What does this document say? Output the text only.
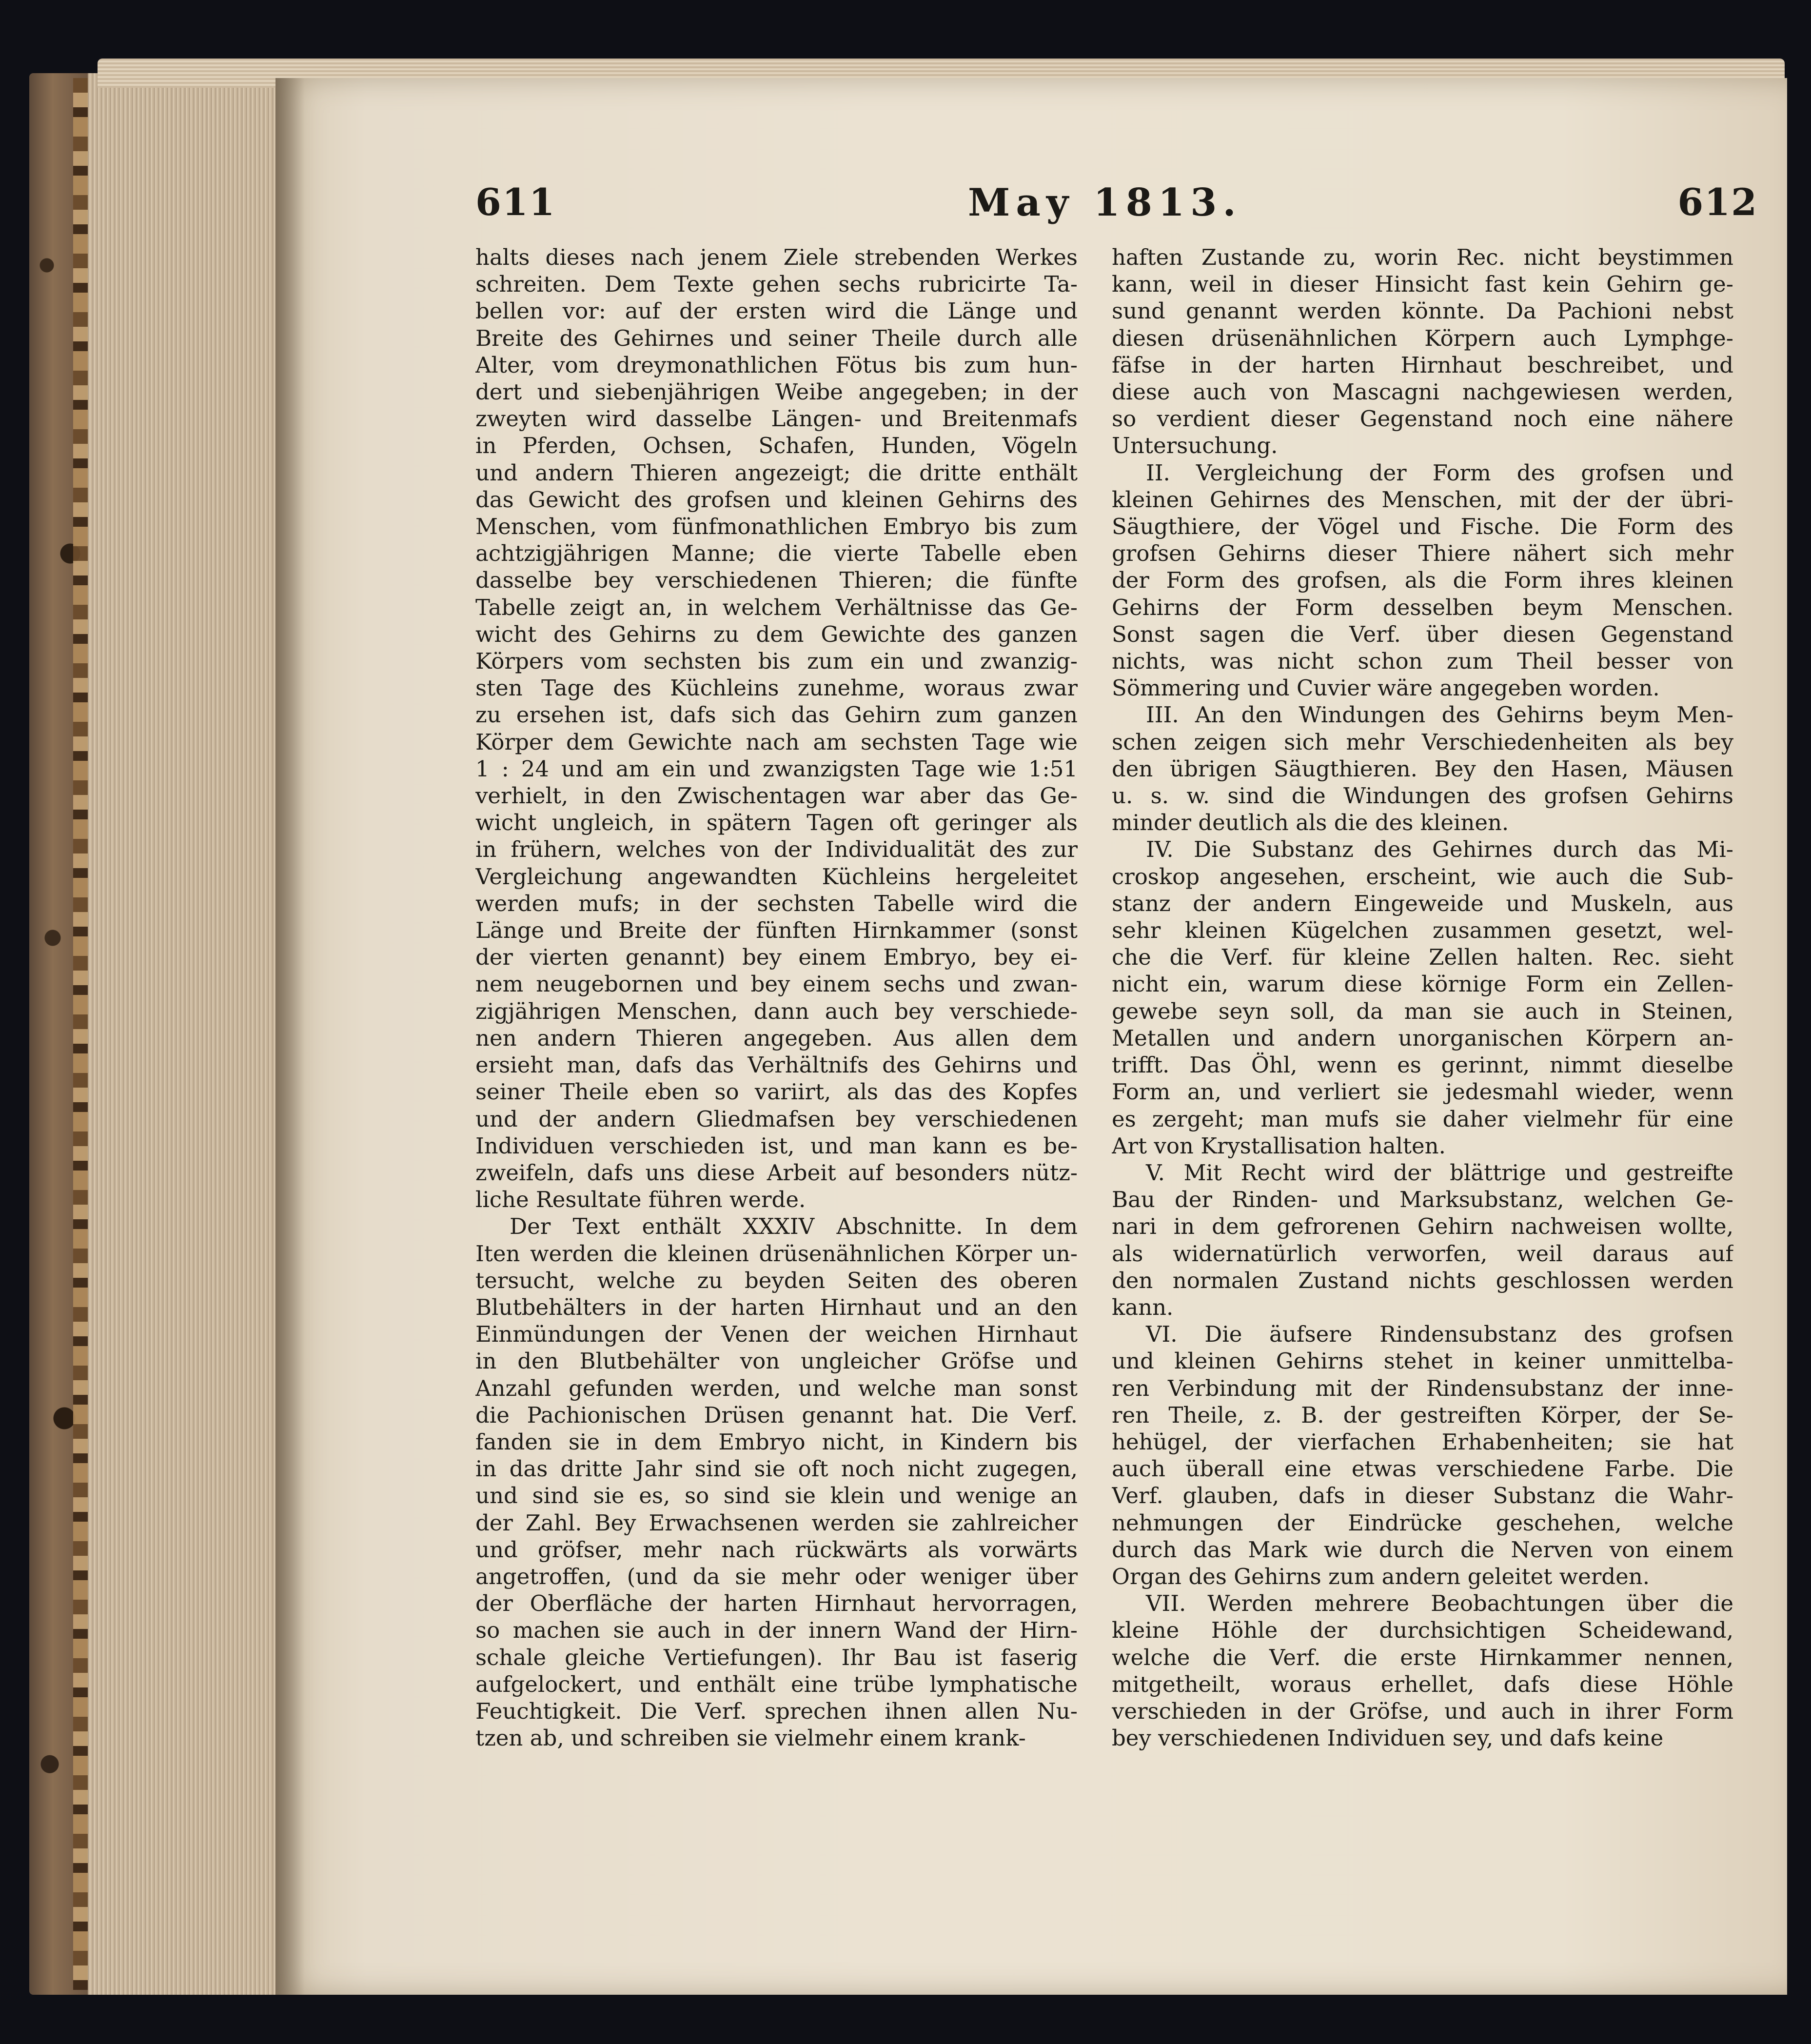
611	May 1813.	612
halts dieses nach jenem Ziele strebenden Werkes
schreiten. Dem Texte gehen sechs rubricirte Ta-
bellen vor: auf der ersten wird die Länge und
Breite des Gehirnes und seiner Theile durch alle
Alter, vom dreymonathlichen Fötus bis zum hun-
dert und siebenjährigen Weibe angegeben; in der
zweyten wird dasselbe Längen- und Breitenmafs
in Pferden, Ochsen, Schafen, Hunden, Vögeln
und andern Thieren angezeigt; die dritte enthält
das Gewicht des grofsen und kleinen Gehirns des
Menschen, vom fünfmonathlichen Embryo bis zum
achtzigjährigen Manne; die vierte Tabelle eben
dasselbe bey verschiedenen Thieren; die fünfte
Tabelle zeigt an, in welchem Verhältnisse das Ge-
wicht des Gehirns zu dem Gewichte des ganzen
Körpers vom sechsten bis zum ein und zwanzig-
sten Tage des Küchleins zunehme, woraus zwar
zu ersehen ist, dafs sich das Gehirn zum ganzen
Körper dem Gewichte nach am sechsten Tage wie
1 : 24 und am ein und zwanzigsten Tage wie 1:51
verhielt, in den Zwischentagen war aber das Ge-
wicht ungleich, in spätern Tagen oft geringer als
in frühern, welches von der Individualität des zur
Vergleichung angewandten Küchleins hergeleitet
werden mufs; in der sechsten Tabelle wird die
Länge und Breite der fünften Hirnkammer (sonst
der vierten genannt) bey einem Embryo, bey ei-
nem neugebornen und bey einem sechs und zwan-
zigjährigen Menschen, dann auch bey verschiede-
nen andern Thieren angegeben. Aus allen dem
ersieht man, dafs das Verhältnifs des Gehirns und
seiner Theile eben so variirt, als das des Kopfes
und der andern Gliedmafsen bey verschiedenen
Individuen verschieden ist, und man kann es be-
zweifeln, dafs uns diese Arbeit auf besonders nütz-
liche Resultate führen werde.
Der Text enthält XXXIV Abschnitte. In dem
Iten werden die kleinen drüsenähnlichen Körper un-
tersucht, welche zu beyden Seiten des oberen
Blutbehälters in der harten Hirnhaut und an den
Einmündungen der Venen der weichen Hirnhaut
in den Blutbehälter von ungleicher Gröfse und
Anzahl gefunden werden, und welche man sonst
die Pachionischen Drüsen genannt hat. Die Verf.
fanden sie in dem Embryo nicht, in Kindern bis
in das dritte Jahr sind sie oft noch nicht zugegen,
und sind sie es, so sind sie klein und wenige an
der Zahl. Bey Erwachsenen werden sie zahlreicher
und gröfser, mehr nach rückwärts als vorwärts
angetroffen, (und da sie mehr oder weniger über
der Oberfläche der harten Hirnhaut hervorragen,
so machen sie auch in der innern Wand der Hirn-
schale gleiche Vertiefungen). Ihr Bau ist faserig
aufgelockert, und enthält eine trübe lymphatische
Feuchtigkeit. Die Verf. sprechen ihnen allen Nu-
tzen ab, und schreiben sie vielmehr einem krank-
haften Zustande zu, worin Rec. nicht beystimmen
kann, weil in dieser Hinsicht fast kein Gehirn ge-
sund genannt werden könnte. Da Pachioni nebst
diesen drüsenähnlichen Körpern auch Lymphge-
fäfse in der harten Hirnhaut beschreibet, und
diese auch von Mascagni nachgewiesen werden,
so verdient dieser Gegenstand noch eine nähere
Untersuchung.
II. Vergleichung der Form des grofsen und
kleinen Gehirnes des Menschen, mit der der übri-
Säugthiere, der Vögel und Fische. Die Form des
grofsen Gehirns dieser Thiere nähert sich mehr
der Form des grofsen, als die Form ihres kleinen
Gehirns der Form desselben beym Menschen.
Sonst sagen die Verf. über diesen Gegenstand
nichts, was nicht schon zum Theil besser von
Sömmering und Cuvier wäre angegeben worden.
III. An den Windungen des Gehirns beym Men-
schen zeigen sich mehr Verschiedenheiten als bey
den übrigen Säugthieren. Bey den Hasen, Mäusen
u. s. w. sind die Windungen des grofsen Gehirns
minder deutlich als die des kleinen.
IV. Die Substanz des Gehirnes durch das Mi-
croskop angesehen, erscheint, wie auch die Sub-
stanz der andern Eingeweide und Muskeln, aus
sehr kleinen Kügelchen zusammen gesetzt, wel-
che die Verf. für kleine Zellen halten. Rec. sieht
nicht ein, warum diese körnige Form ein Zellen-
gewebe seyn soll, da man sie auch in Steinen,
Metallen und andern unorganischen Körpern an-
trifft. Das Öhl, wenn es gerinnt, nimmt dieselbe
Form an, und verliert sie jedesmahl wieder, wenn
es zergeht; man mufs sie daher vielmehr für eine
Art von Krystallisation halten.
V. Mit Recht wird der blättrige und gestreifte
Bau der Rinden- und Marksubstanz, welchen Ge-
nari in dem gefrorenen Gehirn nachweisen wollte,
als widernatürlich verworfen, weil daraus auf
den normalen Zustand nichts geschlossen werden
kann.
VI. Die äufsere Rindensubstanz des grofsen
und kleinen Gehirns stehet in keiner unmittelba-
ren Verbindung mit der Rindensubstanz der inne-
ren Theile, z. B. der gestreiften Körper, der Se-
hehügel, der vierfachen Erhabenheiten; sie hat
auch überall eine etwas verschiedene Farbe. Die
Verf. glauben, dafs in dieser Substanz die Wahr-
nehmungen der Eindrücke geschehen, welche
durch das Mark wie durch die Nerven von einem
Organ des Gehirns zum andern geleitet werden.
VII. Werden mehrere Beobachtungen über die
kleine Höhle der durchsichtigen Scheidewand,
welche die Verf. die erste Hirnkammer nennen,
mitgetheilt, woraus erhellet, dafs diese Höhle
verschieden in der Gröfse, und auch in ihrer Form
bey verschiedenen Individuen sey, und dafs keine
